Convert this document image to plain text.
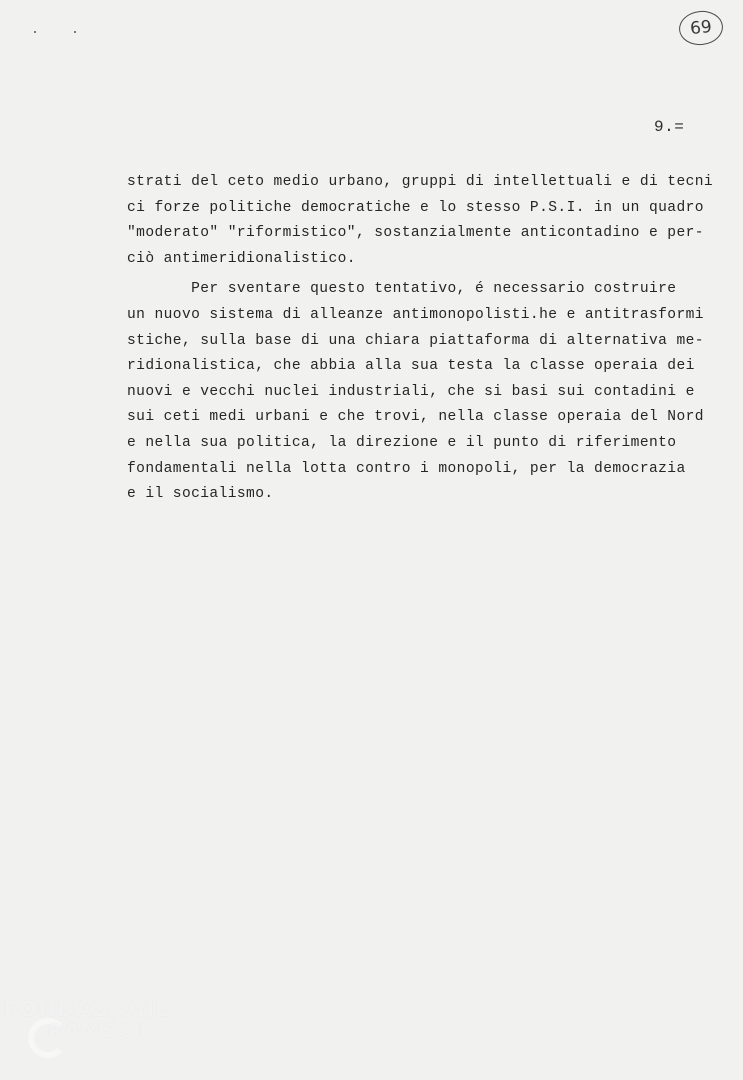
69
9.=
strati del ceto medio urbano, gruppi di intellettuali e di tecni
ci forze politiche democratiche e lo stesso P.S.I. in un quadro
"moderato" "riformistico", sostanzialmente anticontadino e per-
ciò antimeridionalistico.
Per sventare questo tentativo, é necessario costruire
un nuovo sistema di alleanze antimonopolisti.he e antitrasformi
stiche, sulla base di una chiara piattaforma di alternativa me-
ridionalistica, che abbia alla sua testa la classe operaia dei
nuovi e vecchi nuclei industriali, che si basi sui contadini e
sui ceti medi urbani e che trovi, nella classe operaia del Nord
e nella sua politica, la direzione e il punto di riferimento
fondamentali nella lotta contro i monopoli, per la democrazia
e il socialismo.
FONDAZIONE
RAMSCI
